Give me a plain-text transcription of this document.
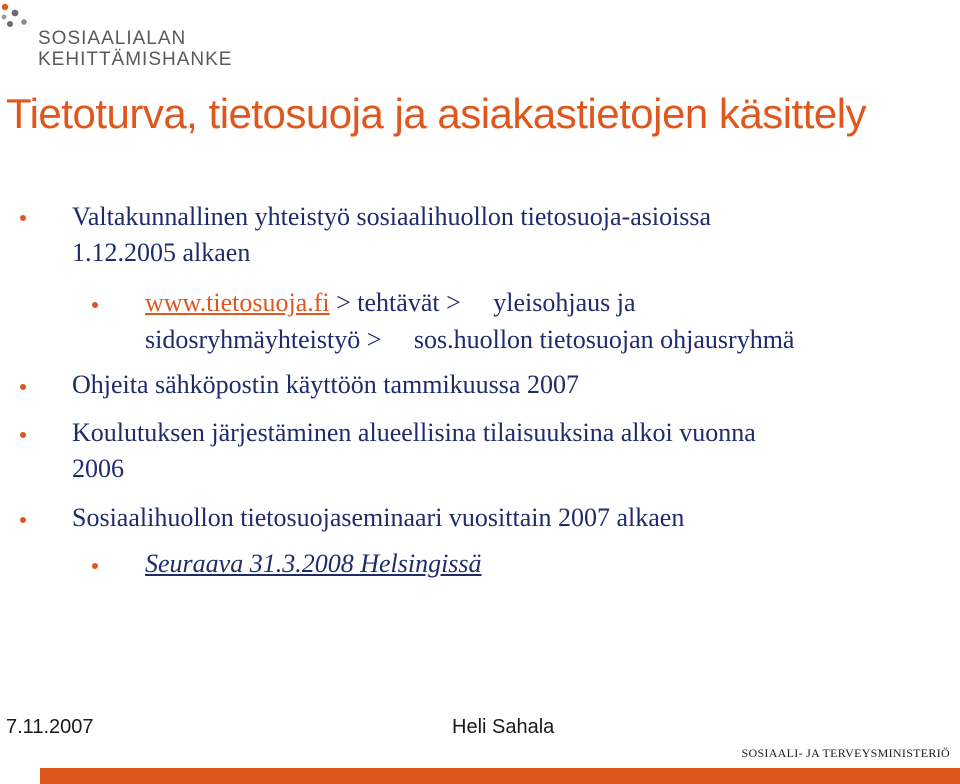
SOSIAALIALAN
KEHITTÄMISHANKE
Tietoturva, tietosuoja ja asiakastietojen käsittely
Valtakunnallinen yhteistyö sosiaalihuollon tietosuoja-asioissa
1.12.2005 alkaen
www.tietosuoja.fi > tehtävät >     yleisohjaus ja
sidosryhmäyhteistyö >     sos.huollon tietosuojan ohjausryhmä
Ohjeita sähköpostin käyttöön tammikuussa 2007
Koulutuksen järjestäminen alueellisina tilaisuuksina alkoi vuonna
2006
Sosiaalihuollon tietosuojaseminaari vuosittain 2007 alkaen
Seuraava 31.3.2008 Helsingissä
7.11.2007	Heli Sahala
SOSIAALI- JA TERVEYSMINISTERIÖ
